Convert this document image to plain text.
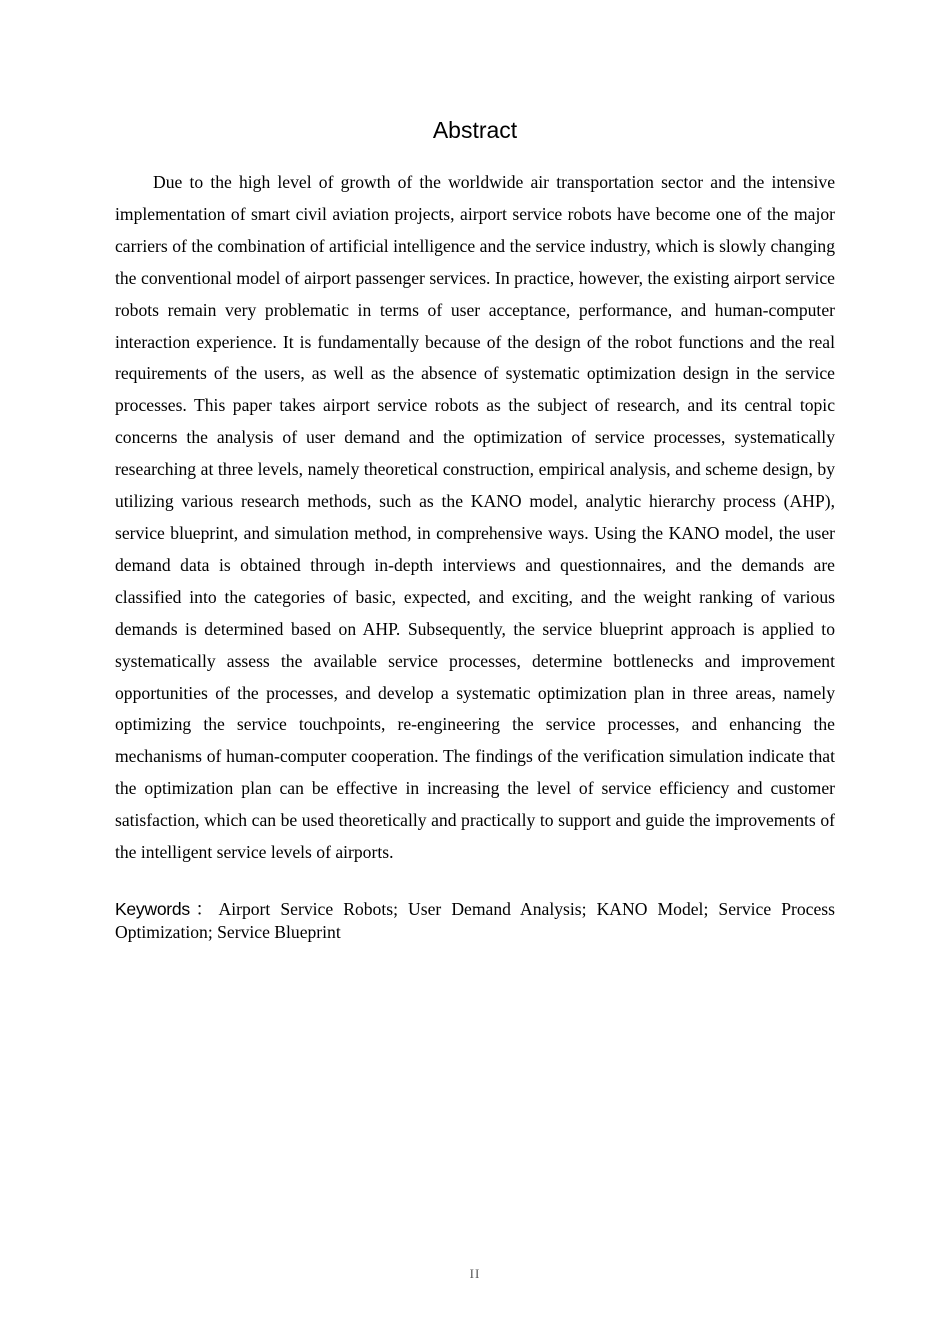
Abstract

Due to the high level of growth of the worldwide air transportation sector and the intensive implementation of smart civil aviation projects, airport service robots have become one of the major carriers of the combination of artificial intelligence and the service industry, which is slowly changing the conventional model of airport passenger services. In practice, however, the existing airport service robots remain very problematic in terms of user acceptance, performance, and human-computer interaction experience. It is fundamentally because of the design of the robot functions and the real requirements of the users, as well as the absence of systematic optimization design in the service processes. This paper takes airport service robots as the subject of research, and its central topic concerns the analysis of user demand and the optimization of service processes, systematically researching at three levels, namely theoretical construction, empirical analysis, and scheme design, by utilizing various research methods, such as the KANO model, analytic hierarchy process (AHP), service blueprint, and simulation method, in comprehensive ways. Using the KANO model, the user demand data is obtained through in-depth interviews and questionnaires, and the demands are classified into the categories of basic, expected, and exciting, and the weight ranking of various demands is determined based on AHP. Subsequently, the service blueprint approach is applied to systematically assess the available service processes, determine bottlenecks and improvement opportunities of the processes, and develop a systematic optimization plan in three areas, namely optimizing the service touchpoints, re-engineering the service processes, and enhancing the mechanisms of human-computer cooperation. The findings of the verification simulation indicate that the optimization plan can be effective in increasing the level of service efficiency and customer satisfaction, which can be used theoretically and practically to support and guide the improvements of the intelligent service levels of airports.

Keywords：Airport Service Robots; User Demand Analysis; KANO Model; Service Process Optimization; Service Blueprint

II
